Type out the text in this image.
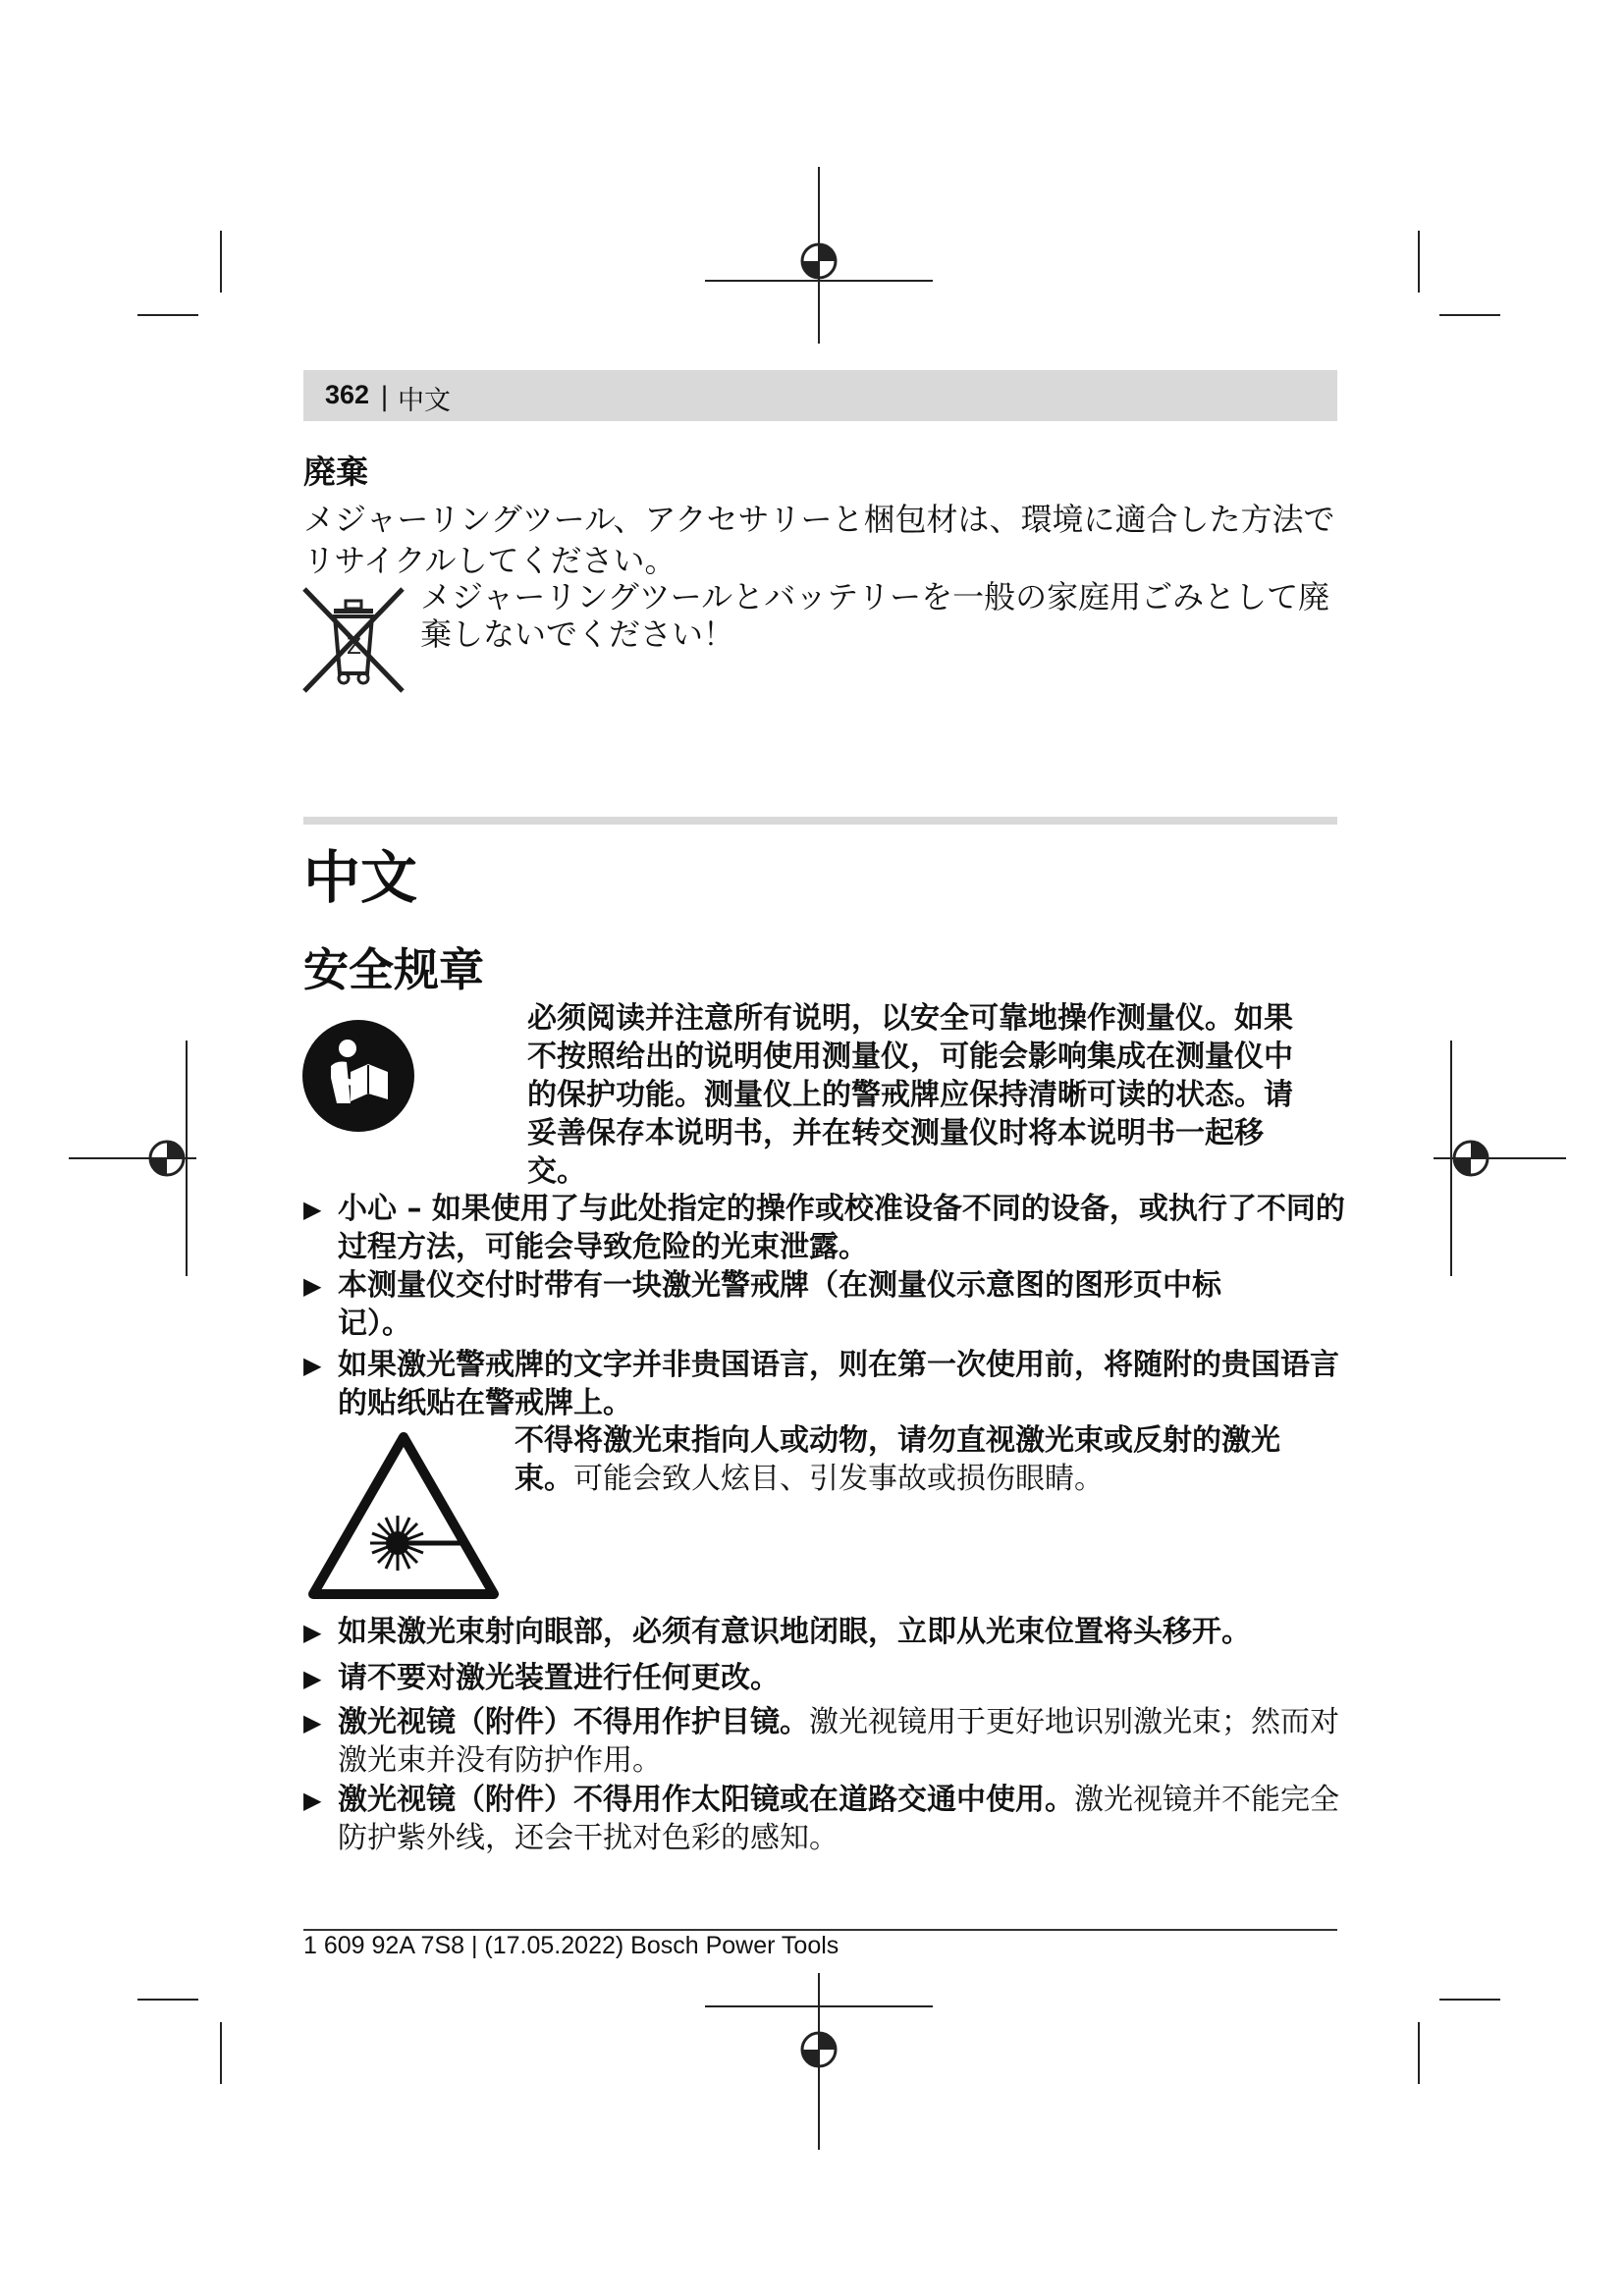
362 | 中文
廃棄
メジャーリングツール、アクセサリーと梱包材は、環境に適合した方法でリサイクルしてください。
Z
メジャーリングツールとバッテリーを一般の家庭用ごみとして廃
棄しないでください！
中文
安全规章
必须阅读并注意所有说明，以安全可靠地操作测量仪。如果
不按照给出的说明使用测量仪，可能会影响集成在测量仪中
的保护功能。测量仪上的警戒牌应保持清晰可读的状态。请
妥善保存本说明书，并在转交测量仪时将本说明书一起移
交。
▶ 小心 – 如果使用了与此处指定的操作或校准设备不同的设备，或执行了不同的过程方法，可能会导致危险的光束泄露。
▶ 本测量仪交付时带有一块激光警戒牌（在测量仪示意图的图形页中标记）。
▶ 如果激光警戒牌的文字并非贵国语言，则在第一次使用前，将随附的贵国语言的贴纸贴在警戒牌上。
不得将激光束指向人或动物，请勿直视激光束或反射的激光
束。可能会致人炫目、引发事故或损伤眼睛。
▶ 如果激光束射向眼部，必须有意识地闭眼，立即从光束位置将头移开。
▶ 请不要对激光装置进行任何更改。
▶ 激光视镜（附件）不得用作护目镜。激光视镜用于更好地识别激光束；然而对激光束并没有防护作用。
▶ 激光视镜（附件）不得用作太阳镜或在道路交通中使用。激光视镜并不能完全防护紫外线，还会干扰对色彩的感知。
1 609 92A 7S8 | (17.05.2022) Bosch Power Tools
